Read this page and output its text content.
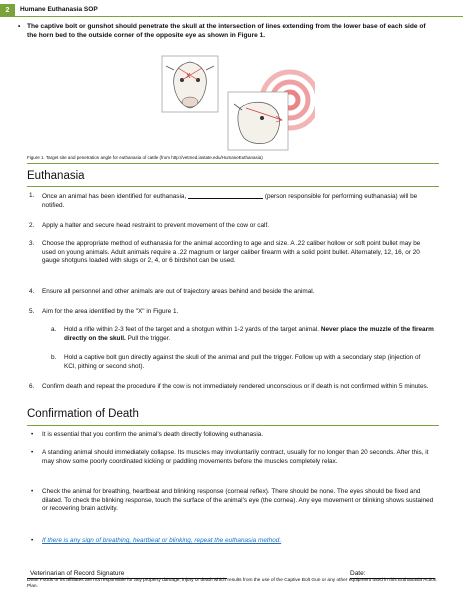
2	Humane Euthanasia SOP
• The captive bolt or gunshot should penetrate the skull at the intersection of lines extending from the lower base of each side of the horn bed to the outside corner of the opposite eye as shown in Figure 1.
x
Figure 1. Target site and penetration angle for euthanasia of cattle (from http://vetmed.iastate.edu/HumaneEuthanasia)
Euthanasia
1. Once an animal has been identified for euthanasia,	(person responsible for performing euthanasia) will be notified.
2. Apply a halter and secure head restraint to prevent movement of the cow or calf.
3. Choose the appropriate method of euthanasia for the animal according to age and size. A .22 caliber hollow or soft point bullet may be used on young animals. Adult animals require a .22 magnum or larger caliber firearm with a solid point bullet. Alternately, 12, 16, or 20 gauge shotguns loaded with slugs or 2, 4, or 6 birdshot can be used.
4. Ensure all personnel and other animals are out of trajectory areas behind and beside the animal.
5. Aim for the area identified by the "X" in Figure 1.
a. Hold a rifle within 2-3 feet of the target and a shotgun within 1-2 yards of the target animal. Never place the muzzle of the firearm directly on the skull. Pull the trigger.
b. Hold a captive bolt gun directly against the skull of the animal and pull the trigger. Follow up with a secondary step (injection of KCl, pithing or second shot).
6. Confirm death and repeat the procedure if the cow is not immediately rendered unconscious or if death is not confirmed within 5 minutes.
Confirmation of Death
• It is essential that you confirm the animal's death directly following euthanasia.
• A standing animal should immediately collapse. Its muscles may involuntarily contract, usually for no longer than 20 seconds. After this, it may show some poorly coordinated kicking or paddling movements before the muscles completely relax.
• Check the animal for breathing, heartbeat and blinking response (corneal reflex). There should be none. The eyes should be fixed and dilated. To check the blinking response, touch the surface of the animal's eye (the cornea). Any eye movement or blinking shows sustained or recovering brain activity.
• If there is any sign of breathing, heartbeat or blinking, repeat the euthanasia method.
Veterinarian of Record Signature	Date:
Dean Foods or its affiliates are not responsible for any property damage, injury or death which results from the use of the Captive Bolt Gun or any other equipment used in this Euthanasia Action Plan.
